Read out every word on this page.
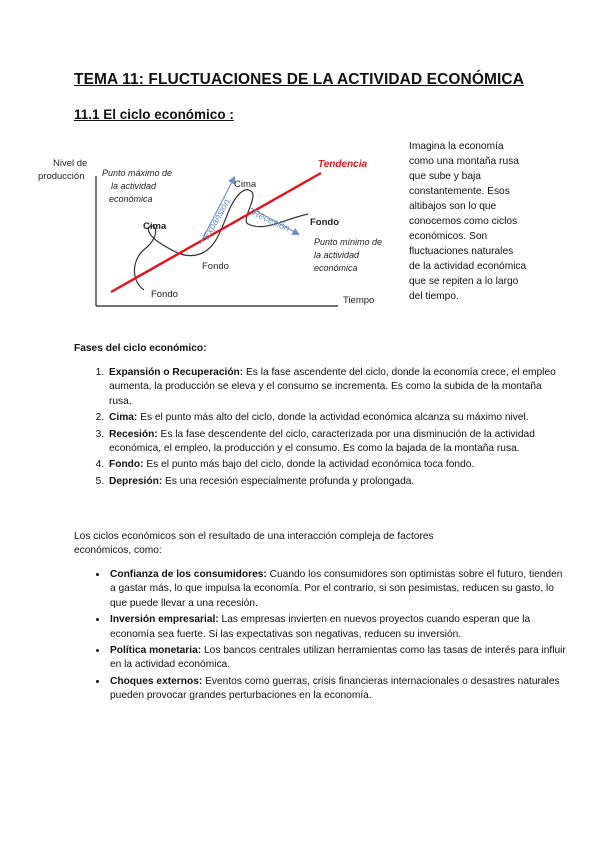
TEMA 11: FLUCTUACIONES DE LA ACTIVIDAD ECONÓMICA
11.1 El ciclo económico :
Nivel de
producción
Tiempo
Tendencia
Expansión Recesión
Punto máximo de la actividad económica
Punto mínimo de la actividad económica
Cima
Cima
Fondo
Fondo
Fondo
Imagina la economía como una montaña rusa que sube y baja constantemente. Esos altibajos son lo que conocemos como ciclos económicos. Son fluctuaciones naturales de la actividad económica que se repiten a lo largo del tiempo.
Fases del ciclo económico:
1. Expansión o Recuperación: Es la fase ascendente del ciclo, donde la economía crece, el empleo aumenta, la producción se eleva y el consumo se incrementa. Es como la subida de la montaña rusa.
2. Cima: Es el punto más alto del ciclo, donde la actividad económica alcanza su máximo nivel.
3. Recesión: Es la fase descendente del ciclo, caracterizada por una disminución de la actividad económica, el empleo, la producción y el consumo. Es como la bajada de la montaña rusa.
4. Fondo: Es el punto más bajo del ciclo, donde la actividad económica toca fondo.
5. Depresión: Es una recesión especialmente profunda y prolongada.
Los ciclos económicos son el resultado de una interacción compleja de factores económicos, como:
• Confianza de los consumidores: Cuando los consumidores son optimistas sobre el futuro, tienden a gastar más, lo que impulsa la economía. Por el contrario, si son pesimistas, reducen su gasto, lo que puede llevar a una recesión.
• Inversión empresarial: Las empresas invierten en nuevos proyectos cuando esperan que la economía sea fuerte. Si las expectativas son negativas, reducen su inversión.
• Política monetaria: Los bancos centrales utilizan herramientas como las tasas de interés para influir en la actividad económica.
• Choques externos: Eventos como guerras, crisis financieras internacionales o desastres naturales pueden provocar grandes perturbaciones en la economía.
